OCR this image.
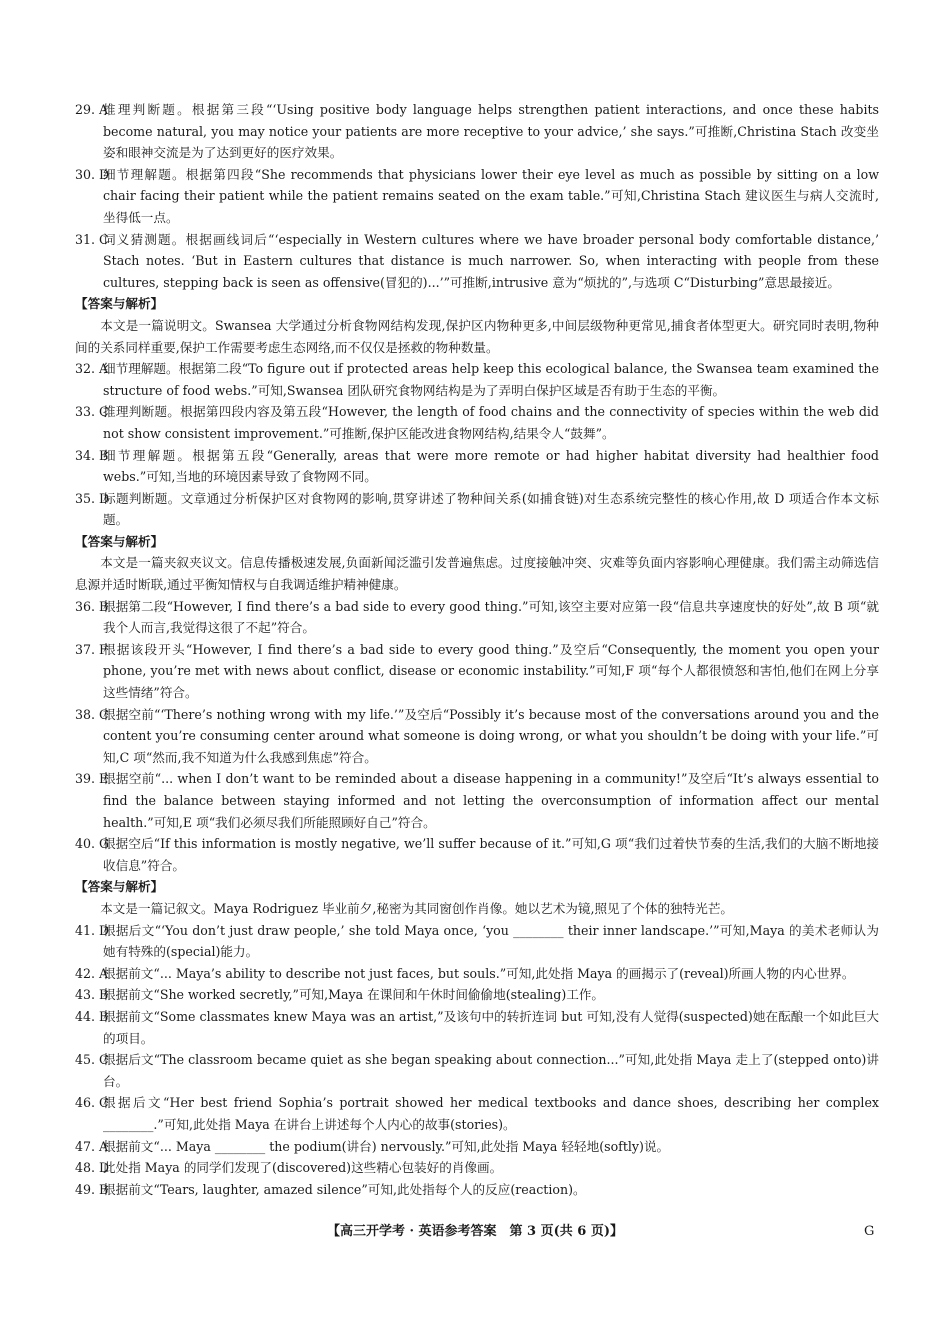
29. A
推理判断题。根据第三段“‘Using positive body language helps strengthen patient interactions, and once these habits become natural, you may notice your patients are more receptive to your advice,’ she says.”可推断,Christina Stach 改变坐姿和眼神交流是为了达到更好的医疗效果。
30. D
细节理解题。根据第四段“She recommends that physicians lower their eye level as much as possible by sitting on a low chair facing their patient while the patient remains seated on the exam table.”可知,Christina Stach 建议医生与病人交流时,坐得低一点。
31. C
词义猜测题。根据画线词后“‘especially in Western cultures where we have broader personal body comfortable distance,’ Stach notes. ‘But in Eastern cultures that distance is much narrower. So, when interacting with people from these cultures, stepping back is seen as offensive(冒犯的)...’”可推断,intrusive 意为“烦扰的”,与选项 C“Disturbing”意思最接近。
【答案与解析】
本文是一篇说明文。Swansea 大学通过分析食物网结构发现,保护区内物种更多,中间层级物种更常见,捕食者体型更大。研究同时表明,物种间的关系同样重要,保护工作需要考虑生态网络,而不仅仅是拯救的物种数量。
32. A
细节理解题。根据第二段“To figure out if protected areas help keep this ecological balance, the Swansea team examined the structure of food webs.”可知,Swansea 团队研究食物网结构是为了弄明白保护区域是否有助于生态的平衡。
33. C
推理判断题。根据第四段内容及第五段“However, the length of food chains and the connectivity of species within the web did not show consistent improvement.”可推断,保护区能改进食物网结构,结果令人“鼓舞”。
34. B
细节理解题。根据第五段“Generally, areas that were more remote or had higher habitat diversity had healthier food webs.”可知,当地的环境因素导致了食物网不同。
35. D
标题判断题。文章通过分析保护区对食物网的影响,贯穿讲述了物种间关系(如捕食链)对生态系统完整性的核心作用,故 D 项适合作本文标题。
【答案与解析】
本文是一篇夹叙夹议文。信息传播极速发展,负面新闻泛滥引发普遍焦虑。过度接触冲突、灾难等负面内容影响心理健康。我们需主动筛选信息源并适时断联,通过平衡知情权与自我调适维护精神健康。
36. B
根据第二段“However, I find there’s a bad side to every good thing.”可知,该空主要对应第一段“信息共享速度快的好处”,故 B 项“就我个人而言,我觉得这很了不起”符合。
37. F
根据该段开头“However, I find there’s a bad side to every good thing.”及空后“Consequently, the moment you open your phone, you’re met with news about conflict, disease or economic instability.”可知,F 项“每个人都很愤怒和害怕,他们在网上分享这些情绪”符合。
38. C
根据空前“‘There’s nothing wrong with my life.’”及空后“Possibly it’s because most of the conversations around you and the content you’re consuming center around what someone is doing wrong, or what you shouldn’t be doing with your life.”可知,C 项“然而,我不知道为什么我感到焦虑”符合。
39. E
根据空前“... when I don’t want to be reminded about a disease happening in a community!”及空后“It’s always essential to find the balance between staying informed and not letting the overconsumption of information affect our mental health.”可知,E 项“我们必须尽我们所能照顾好自己”符合。
40. G
根据空后“If this information is mostly negative, we’ll suffer because of it.”可知,G 项“我们过着快节奏的生活,我们的大脑不断地接收信息”符合。
【答案与解析】
本文是一篇记叙文。Maya Rodriguez 毕业前夕,秘密为其同窗创作肖像。她以艺术为镜,照见了个体的独特光芒。
41. D
根据后文“‘You don’t just draw people,’ she told Maya once, ‘you ________ their inner landscape.’”可知,Maya 的美术老师认为她有特殊的(special)能力。
42. A
根据前文“... Maya’s ability to describe not just faces, but souls.”可知,此处指 Maya 的画揭示了(reveal)所画人物的内心世界。
43. B
根据前文“She worked secretly,”可知,Maya 在课间和午休时间偷偷地(stealing)工作。
44. B
根据前文“Some classmates knew Maya was an artist,”及该句中的转折连词 but 可知,没有人觉得(suspected)她在酝酿一个如此巨大的项目。
45. C
根据后文“The classroom became quiet as she began speaking about connection...”可知,此处指 Maya 走上了(stepped onto)讲台。
46. C
根据后文“Her best friend Sophia’s portrait showed her medical textbooks and dance shoes, describing her complex ________.”可知,此处指 Maya 在讲台上讲述每个人内心的故事(stories)。
47. A
根据前文“... Maya ________ the podium(讲台) nervously.”可知,此处指 Maya 轻轻地(softly)说。
48. D
此处指 Maya 的同学们发现了(discovered)这些精心包装好的肖像画。
49. B
根据前文“Tears, laughter, amazed silence”可知,此处指每个人的反应(reaction)。
【高三开学考 · 英语参考答案　第 3 页(共 6 页)】	G
